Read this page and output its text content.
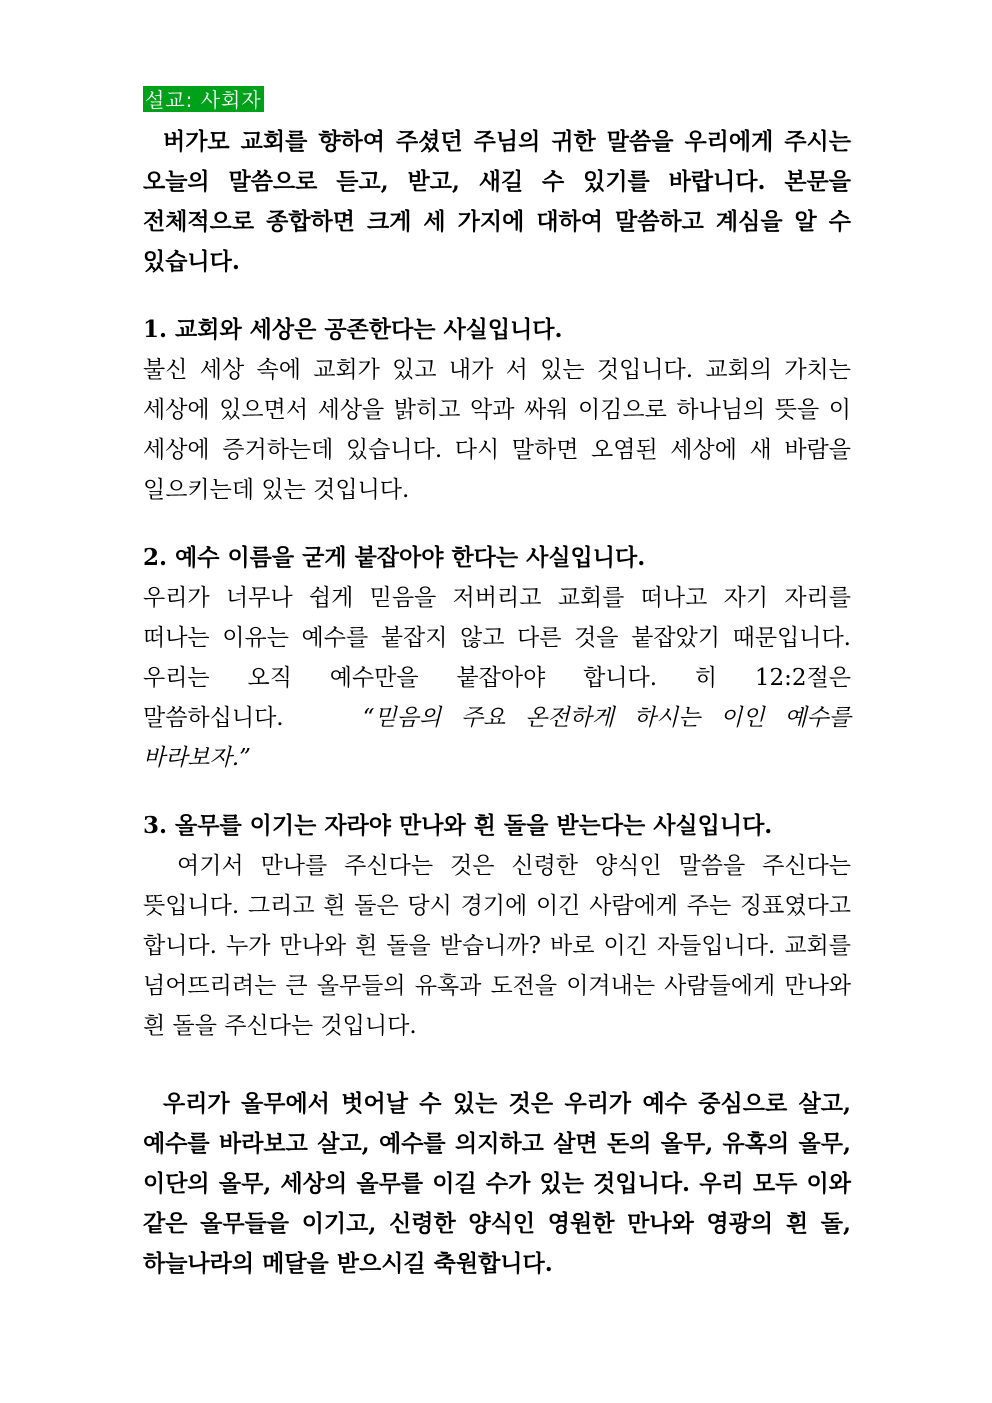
설교: 사회자

버가모 교회를 향하여 주셨던 주님의 귀한 말씀을 우리에게 주시는 오늘의 말씀으로 듣고, 받고, 새길 수 있기를 바랍니다. 본문을 전체적으로 종합하면 크게 세 가지에 대하여 말씀하고 계심을 알 수 있습니다.

1. 교회와 세상은 공존한다는 사실입니다.

불신 세상 속에 교회가 있고 내가 서 있는 것입니다. 교회의 가치는 세상에 있으면서 세상을 밝히고 악과 싸워 이김으로 하나님의 뜻을 이 세상에 증거하는데 있습니다. 다시 말하면 오염된 세상에 새 바람을 일으키는데 있는 것입니다.

2. 예수 이름을 굳게 붙잡아야 한다는 사실입니다.

우리가 너무나 쉽게 믿음을 저버리고 교회를 떠나고 자기 자리를 떠나는 이유는 예수를 붙잡지 않고 다른 것을 붙잡았기 때문입니다. 우리는 오직 예수만을 붙잡아야 합니다. 히 12:2절은 말씀하십니다.	“믿음의 주요 온전하게 하시는 이인 예수를 바라보자.”

3. 올무를 이기는 자라야 만나와 흰 돌을 받는다는 사실입니다.

여기서 만나를 주신다는 것은 신령한 양식인 말씀을 주신다는 뜻입니다. 그리고 흰 돌은 당시 경기에 이긴 사람에게 주는 징표였다고 합니다. 누가 만나와 흰 돌을 받습니까? 바로 이긴 자들입니다. 교회를 넘어뜨리려는 큰 올무들의 유혹과 도전을 이겨내는 사람들에게 만나와 흰 돌을 주신다는 것입니다.

우리가 올무에서 벗어날 수 있는 것은 우리가 예수 중심으로 살고, 예수를 바라보고 살고, 예수를 의지하고 살면 돈의 올무, 유혹의 올무, 이단의 올무, 세상의 올무를 이길 수가 있는 것입니다. 우리 모두 이와 같은 올무들을 이기고, 신령한 양식인 영원한 만나와 영광의 흰 돌, 하늘나라의 메달을 받으시길 축원합니다.
